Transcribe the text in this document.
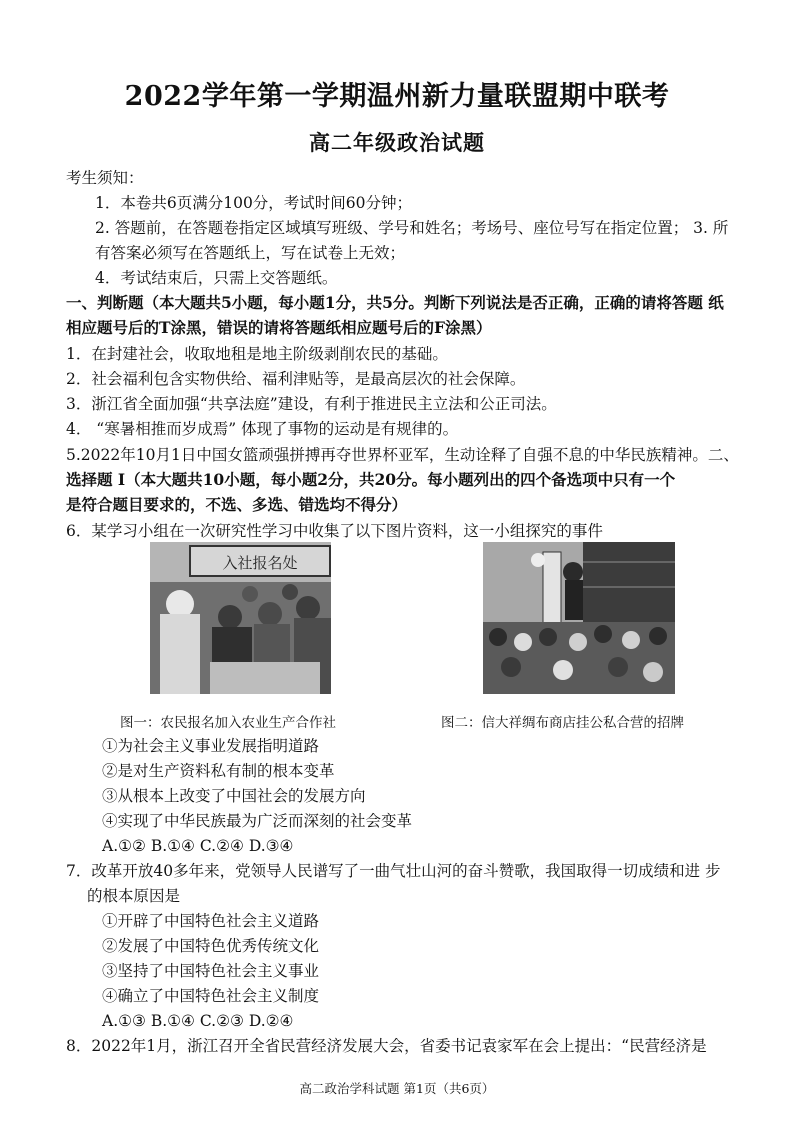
2022学年第一学期温州新力量联盟期中联考
高二年级政治试题
考生须知：
1．本卷共6页满分100分，考试时间60分钟；
2. 答题前，在答题卷指定区域填写班级、学号和姓名；考场号、座位号写在指定位置； 3. 所
有答案必须写在答题纸上，写在试卷上无效；
4．考试结束后，只需上交答题纸。
一、判断题（本大题共5小题，每小题1分，共5分。判断下列说法是否正确，正确的请将答题 纸
相应题号后的T涂黑，错误的请将答题纸相应题号后的F涂黑）
1．在封建社会，收取地租是地主阶级剥削农民的基础。
2．社会福利包含实物供给、福利津贴等，是最高层次的社会保障。
3．浙江省全面加强“共享法庭”建设，有利于推进民主立法和公正司法。
4． “寒暑相推而岁成焉” 体现了事物的运动是有规律的。
5.2022年10月1日中国女篮顽强拼搏再夺世界杯亚军，生动诠释了自强不息的中华民族精神。二、
选择题 I（本大题共10小题，每小题2分，共20分。每小题列出的四个备选项中只有一个
是符合题目要求的，不选、多选、错选均不得分）
6．某学习小组在一次研究性学习中收集了以下图片资料，这一小组探究的事件
入社报名处
图一：农民报名加入农业生产合作社	图二：信大祥绸布商店挂公私合营的招牌
①为社会主义事业发展指明道路
②是对生产资料私有制的根本变革
③从根本上改变了中国社会的发展方向
④实现了中华民族最为广泛而深刻的社会变革
A.①② B.①④ C.②④ D.③④
7．改革开放40多年来，党领导人民谱写了一曲气壮山河的奋斗赞歌，我国取得一切成绩和进 步
的根本原因是
①开辟了中国特色社会主义道路
②发展了中国特色优秀传统文化
③坚持了中国特色社会主义事业
④确立了中国特色社会主义制度
A.①③ B.①④ C.②③ D.②④
8．2022年1月，浙江召开全省民营经济发展大会，省委书记袁家军在会上提出：“民营经济是
高二政治学科试题 第1页（共6页）
